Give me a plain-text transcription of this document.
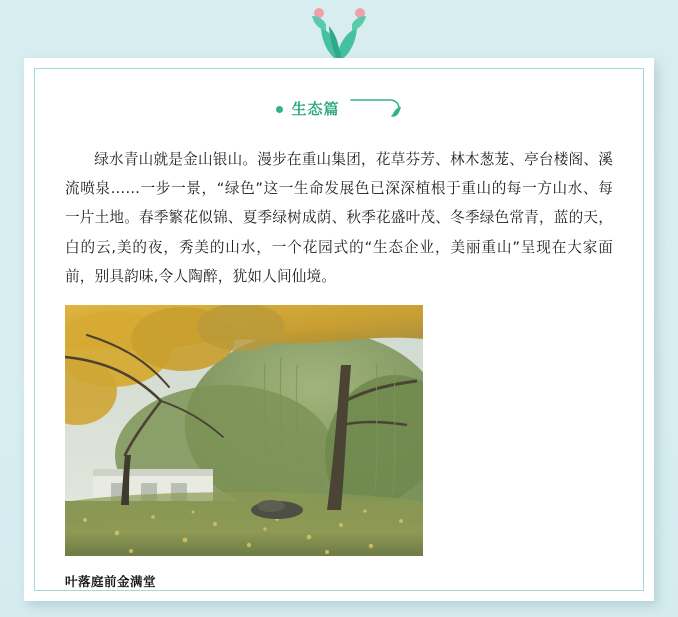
生态篇
绿水青山就是金山银山。漫步在重山集团，花草芬芳、林木葱茏、亭台楼阁、溪流喷泉……一步一景，“绿色”这一生命发展色已深深植根于重山的每一方山水、每一片土地。春季繁花似锦、夏季绿树成荫、秋季花盛叶茂、冬季绿色常青，蓝的天，白的云,美的夜，秀美的山水，一个花园式的“生态企业，美丽重山”呈现在大家面前，别具韵味,令人陶醉，犹如人间仙境。
叶落庭前金满堂
